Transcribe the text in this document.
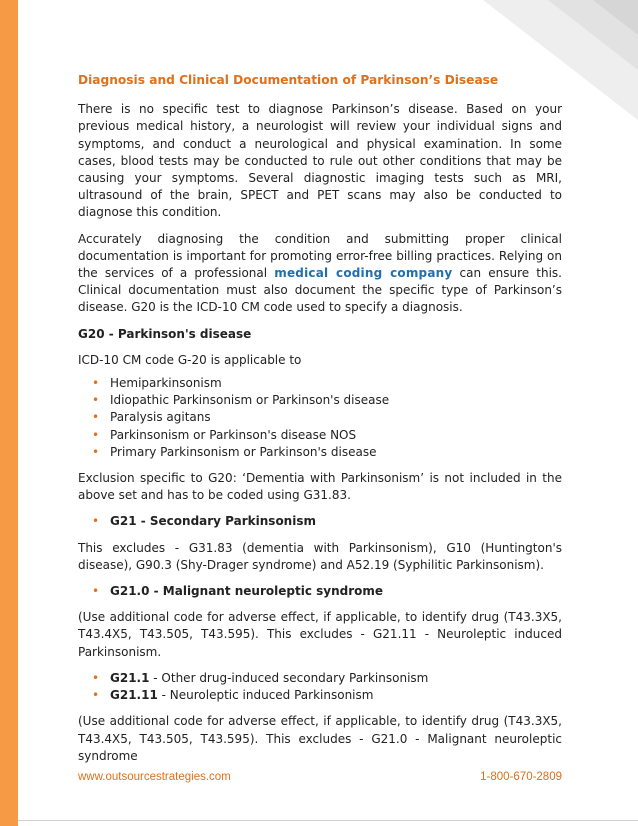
Diagnosis and Clinical Documentation of Parkinson’s Disease

There is no specific test to diagnose Parkinson’s disease. Based on your previous medical history, a neurologist will review your individual signs and symptoms, and conduct a neurological and physical examination. In some cases, blood tests may be conducted to rule out other conditions that may be causing your symptoms. Several diagnostic imaging tests such as MRI, ultrasound of the brain, SPECT and PET scans may also be conducted to diagnose this condition.

Accurately diagnosing the condition and submitting proper clinical documentation is important for promoting error-free billing practices. Relying on the services of a professional medical coding company can ensure this. Clinical documentation must also document the specific type of Parkinson’s disease. G20 is the ICD-10 CM code used to specify a diagnosis.

G20 - Parkinson's disease

ICD-10 CM code G-20 is applicable to

• Hemiparkinsonism
• Idiopathic Parkinsonism or Parkinson's disease
• Paralysis agitans
• Parkinsonism or Parkinson's disease NOS
• Primary Parkinsonism or Parkinson's disease

Exclusion specific to G20: ‘Dementia with Parkinsonism’ is not included in the above set and has to be coded using G31.83.

• G21 - Secondary Parkinsonism

This excludes - G31.83 (dementia with Parkinsonism), G10 (Huntington's disease), G90.3 (Shy-Drager syndrome) and A52.19 (Syphilitic Parkinsonism).

• G21.0 - Malignant neuroleptic syndrome

(Use additional code for adverse effect, if applicable, to identify drug (T43.3X5, T43.4X5, T43.505, T43.595). This excludes - G21.11 - Neuroleptic induced Parkinsonism.

• G21.1 - Other drug-induced secondary Parkinsonism
• G21.11 - Neuroleptic induced Parkinsonism

(Use additional code for adverse effect, if applicable, to identify drug (T43.3X5, T43.4X5, T43.505, T43.595). This excludes - G21.0 - Malignant neuroleptic syndrome

www.outsourcestrategies.com	1-800-670-2809
